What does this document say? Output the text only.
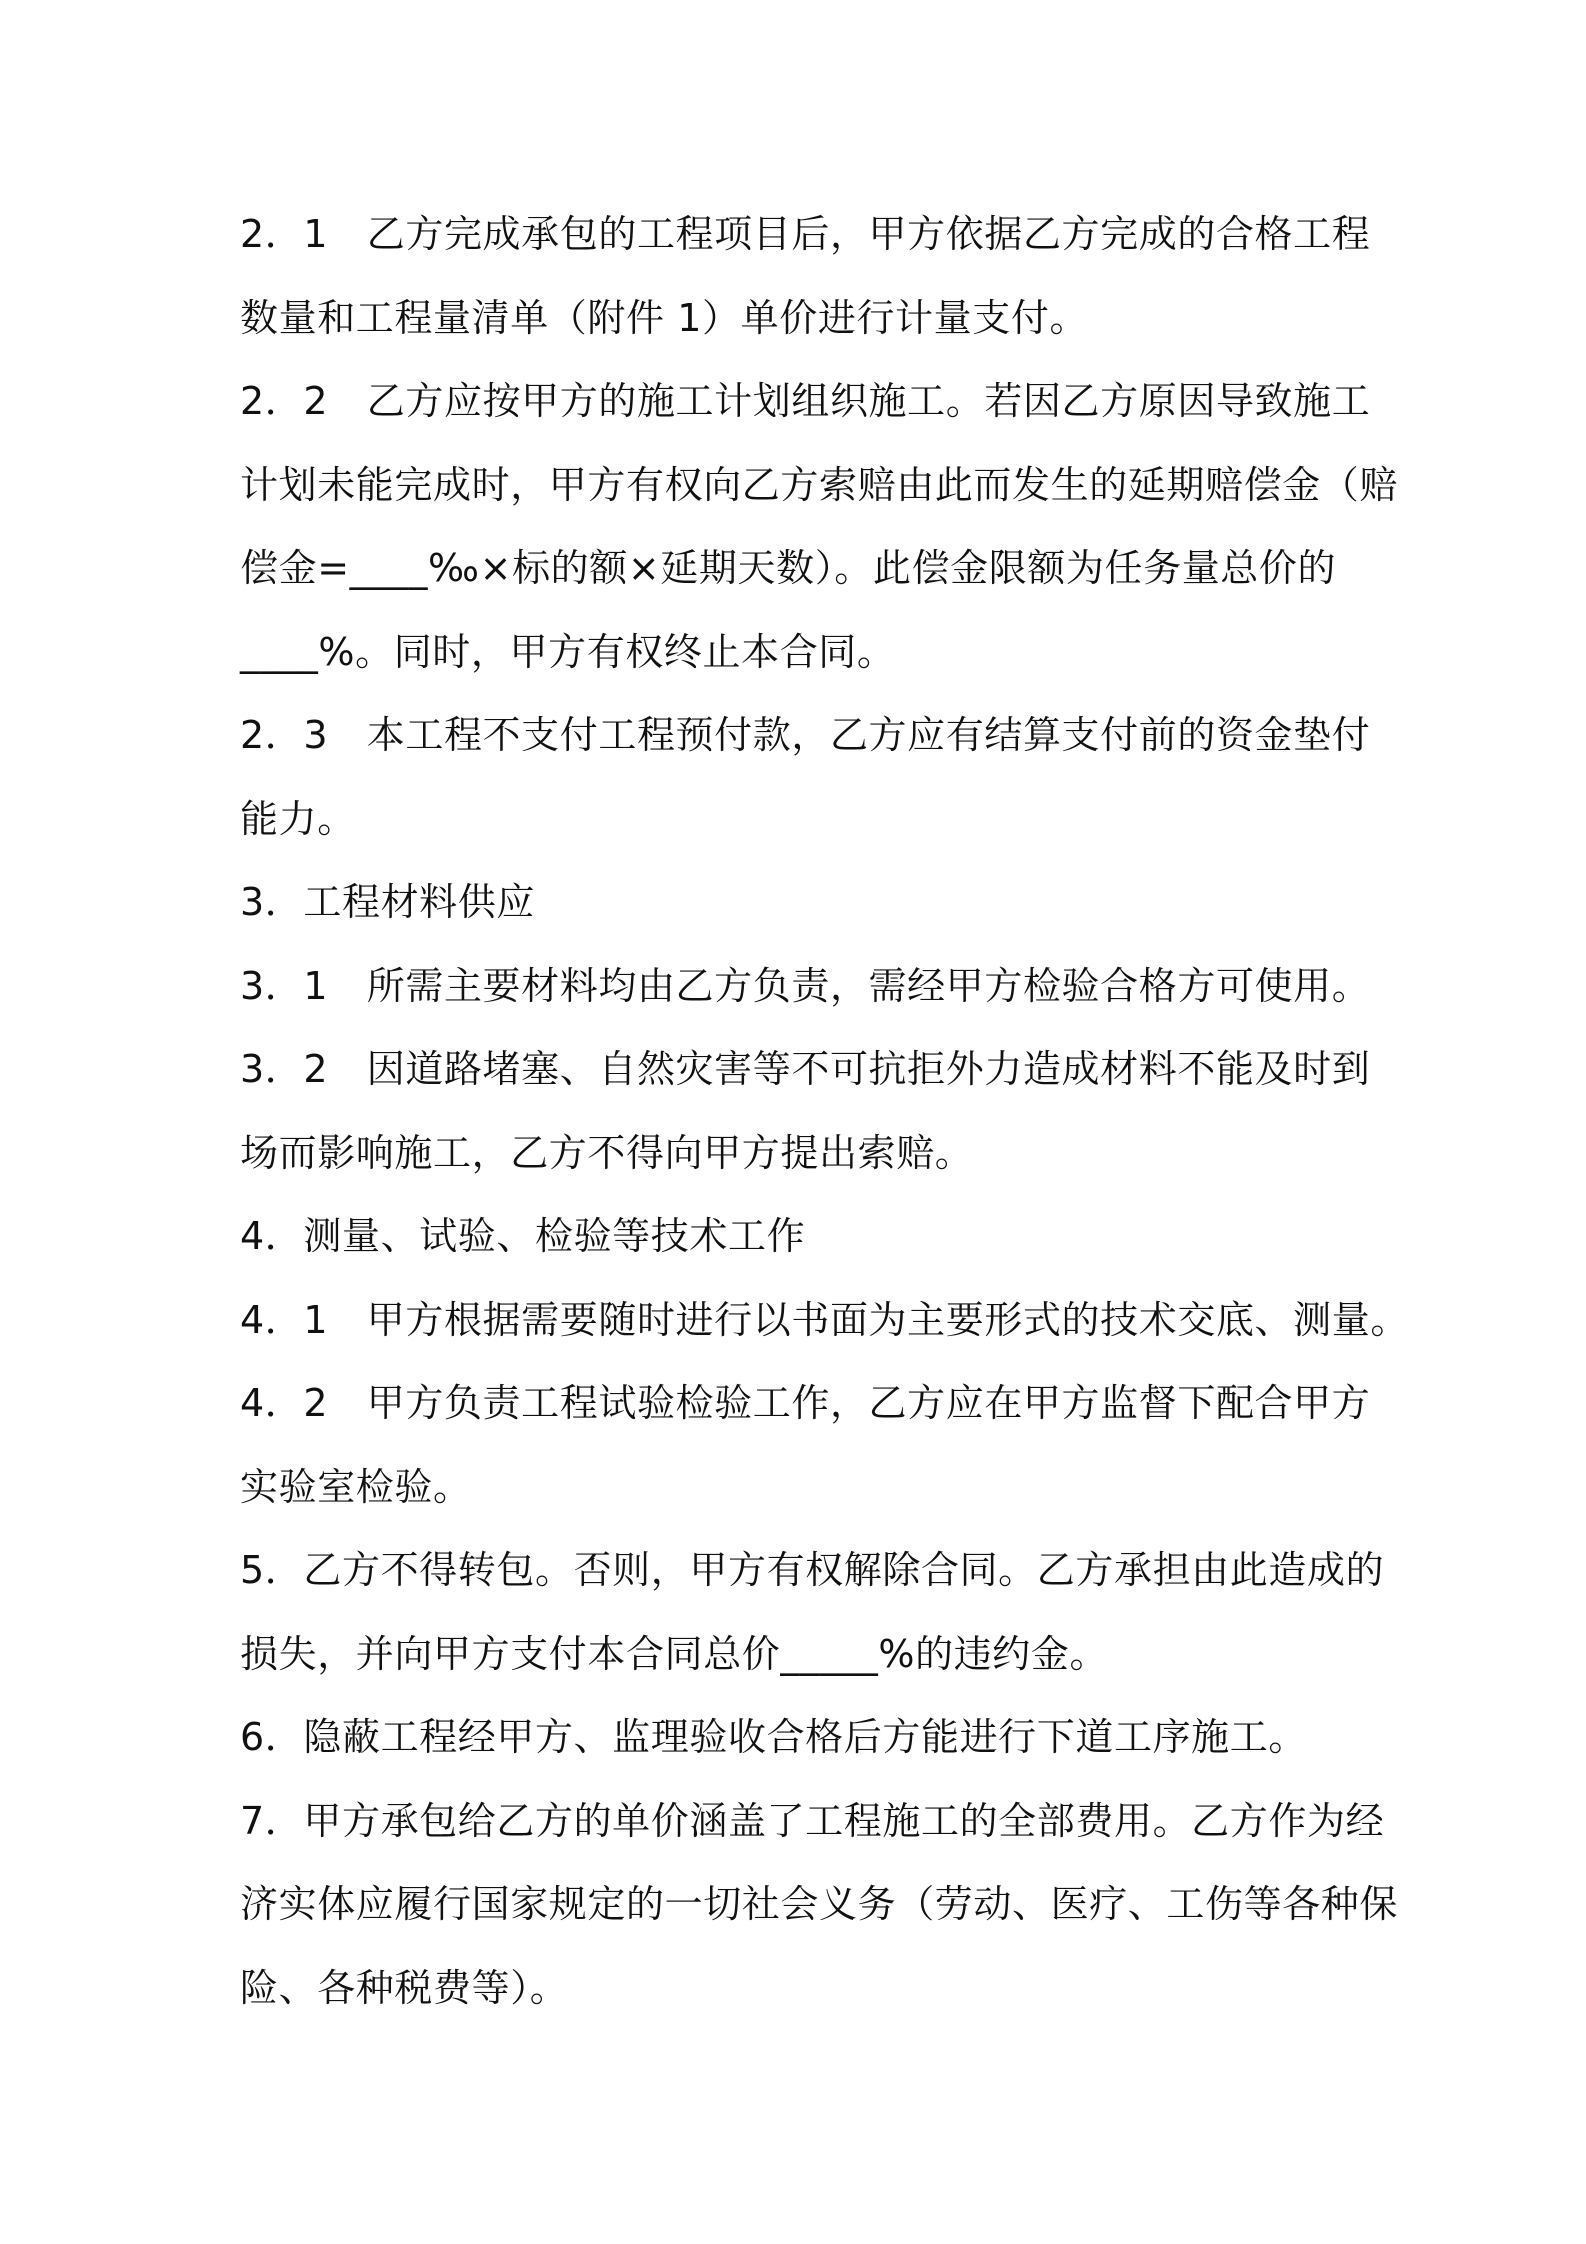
2．1　乙方完成承包的工程项目后，甲方依据乙方完成的合格工程
数量和工程量清单（附件 1）单价进行计量支付。
2．2　乙方应按甲方的施工计划组织施工。若因乙方原因导致施工
计划未能完成时，甲方有权向乙方索赔由此而发生的延期赔偿金（赔
偿金=____‰×标的额×延期天数）。此偿金限额为任务量总价的
____%。同时，甲方有权终止本合同。
2．3　本工程不支付工程预付款，乙方应有结算支付前的资金垫付
能力。
3．工程材料供应
3．1　所需主要材料均由乙方负责，需经甲方检验合格方可使用。
3．2　因道路堵塞、自然灾害等不可抗拒外力造成材料不能及时到
场而影响施工，乙方不得向甲方提出索赔。
4．测量、试验、检验等技术工作
4．1　甲方根据需要随时进行以书面为主要形式的技术交底、测量。
4．2　甲方负责工程试验检验工作，乙方应在甲方监督下配合甲方
实验室检验。
5．乙方不得转包。否则，甲方有权解除合同。乙方承担由此造成的
损失，并向甲方支付本合同总价_____%的违约金。
6．隐蔽工程经甲方、监理验收合格后方能进行下道工序施工。
7．甲方承包给乙方的单价涵盖了工程施工的全部费用。乙方作为经
济实体应履行国家规定的一切社会义务（劳动、医疗、工伤等各种保
险、各种税费等）。
